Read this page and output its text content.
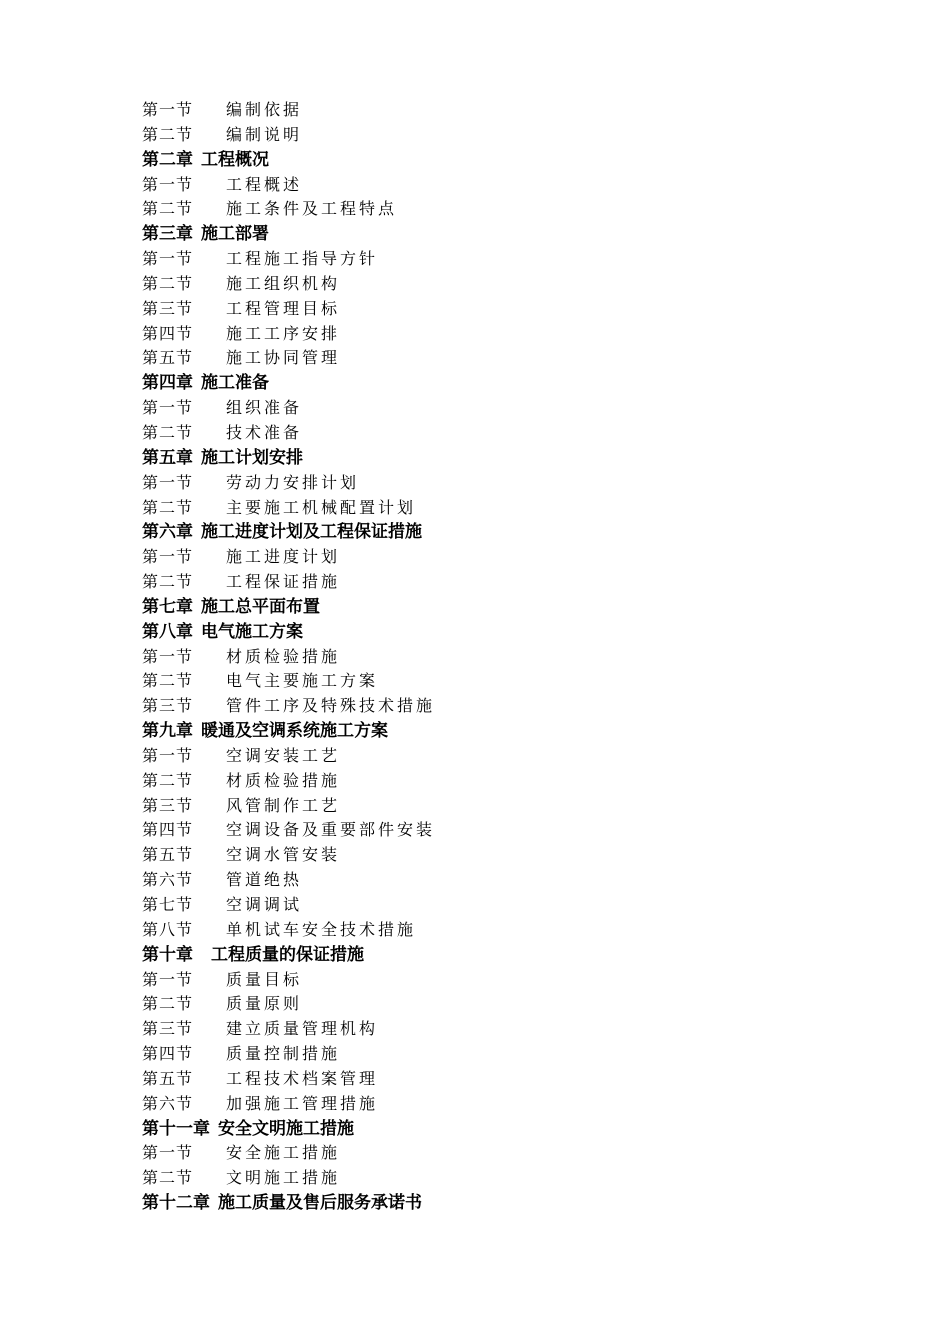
第一节 编制依据
第二节 编制说明
第二章 工程概况
第一节 工程概述
第二节 施工条件及工程特点
第三章 施工部署
第一节 工程施工指导方针
第二节 施工组织机构
第三节 工程管理目标
第四节 施工工序安排
第五节 施工协同管理
第四章 施工准备
第一节 组织准备
第二节 技术准备
第五章 施工计划安排
第一节 劳动力安排计划
第二节 主要施工机械配置计划
第六章 施工进度计划及工程保证措施
第一节 施工进度计划
第二节 工程保证措施
第七章 施工总平面布置
第八章 电气施工方案
第一节 材质检验措施
第二节 电气主要施工方案
第三节 管件工序及特殊技术措施
第九章 暖通及空调系统施工方案
第一节 空调安装工艺
第二节 材质检验措施
第三节 风管制作工艺
第四节 空调设备及重要部件安装
第五节 空调水管安装
第六节 管道绝热
第七节 空调调试
第八节 单机试车安全技术措施
第十章 工程质量的保证措施
第一节 质量目标
第二节 质量原则
第三节 建立质量管理机构
第四节 质量控制措施
第五节 工程技术档案管理
第六节 加强施工管理措施
第十一章 安全文明施工措施
第一节 安全施工措施
第二节 文明施工措施
第十二章 施工质量及售后服务承诺书
